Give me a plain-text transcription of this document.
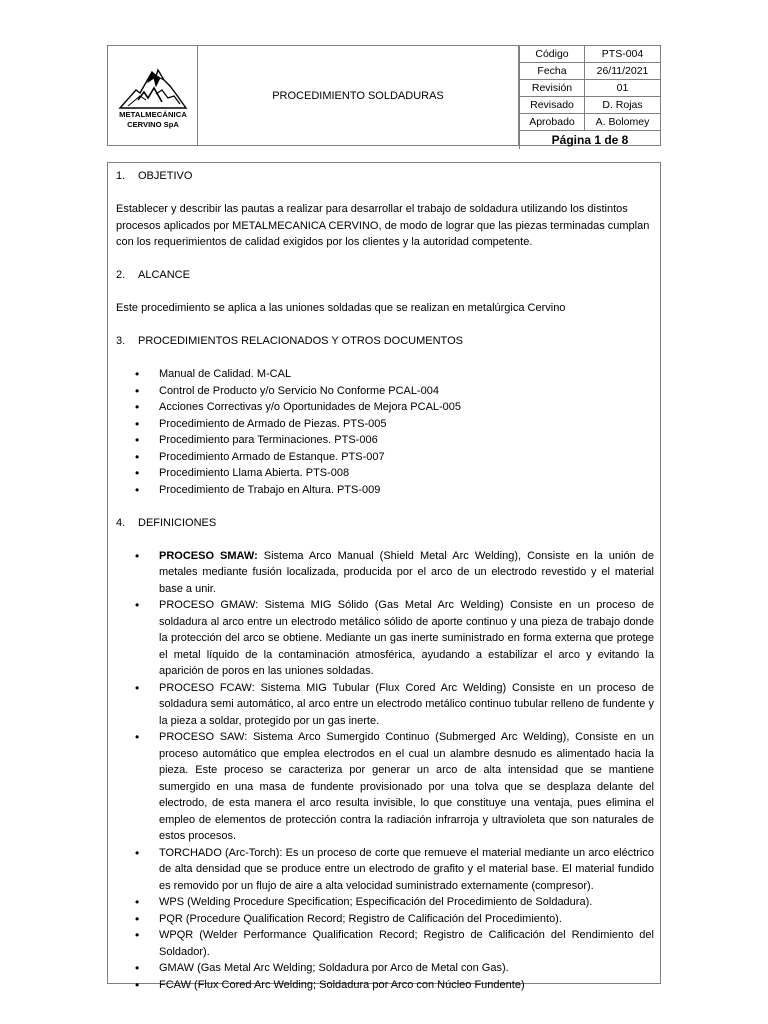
METALMECÁNICA
CERVINO SpA
PROCEDIMIENTO SOLDADURAS
Código	PTS-004
Fecha	26/11/2021
Revisión	01
Revisado	D. Rojas
Aprobado	A. Bolomey
Página 1 de 8	
1.	OBJETIVO

Establecer y describir las pautas a realizar para desarrollar el trabajo de soldadura utilizando los distintos procesos aplicados por METALMECANICA CERVINO, de modo de lograr que las piezas terminadas cumplan con los requerimientos de calidad exigidos por los clientes y la autoridad competente.

2.	ALCANCE

Este procedimiento se aplica a las uniones soldadas que se realizan en metalúrgica Cervino

3.	PROCEDIMIENTOS RELACIONADOS Y OTROS DOCUMENTOS
• Manual de Calidad. M-CAL
• Control de Producto y/o Servicio No Conforme PCAL-004
• Acciones Correctivas y/o Oportunidades de Mejora PCAL-005
• Procedimiento de Armado de Piezas. PTS-005
• Procedimiento para Terminaciones. PTS-006
• Procedimiento Armado de Estanque. PTS-007
• Procedimiento Llama Abierta. PTS-008
• Procedimiento de Trabajo en Altura. PTS-009
4.	DEFINICIONES
• PROCESO SMAW: Sistema Arco Manual (Shield Metal Arc Welding), Consiste en la unión de metales mediante fusión localizada, producida por el arco de un electrodo revestido y el material base a unir.
• PROCESO GMAW: Sistema MIG Sólido (Gas Metal Arc Welding) Consiste en un proceso de soldadura al arco entre un electrodo metálico sólido de aporte continuo y una pieza de trabajo donde la protección del arco se obtiene. Mediante un gas inerte suministrado en forma externa que protege el metal líquido de la contaminación atmosférica, ayudando a estabilizar el arco y evitando la aparición de poros en las uniones soldadas.
• PROCESO FCAW: Sistema MIG Tubular (Flux Cored Arc Welding) Consiste en un proceso de soldadura semi automático, al arco entre un electrodo metálico continuo tubular relleno de fundente y la pieza a soldar, protegido por un gas inerte.
• PROCESO SAW: Sistema Arco Sumergido Continuo (Submerged Arc Welding), Consiste en un proceso automático que emplea electrodos en el cual un alambre desnudo es alimentado hacia la pieza. Este proceso se caracteriza por generar un arco de alta intensidad que se mantiene sumergido en una masa de fundente provisionado por una tolva que se desplaza delante del electrodo, de esta manera el arco resulta invisible, lo que constituye una ventaja, pues elimina el empleo de elementos de protección contra la radiación infrarroja y ultravioleta que son naturales de estos procesos.
• TORCHADO (Arc-Torch): Es un proceso de corte que remueve el material mediante un arco eléctrico de alta densidad que se produce entre un electrodo de grafito y el material base. El material fundido es removido por un flujo de aire a alta velocidad suministrado externamente (compresor).
• WPS (Welding Procedure Specification; Especificación del Procedimiento de Soldadura).
• PQR (Procedure Qualification Record; Registro de Calificación del Procedimiento).
• WPQR (Welder Performance Qualification Record; Registro de Calificación del Rendimiento del Soldador).
• GMAW (Gas Metal Arc Welding; Soldadura por Arco de Metal con Gas).
• FCAW (Flux Cored Arc Welding; Soldadura por Arco con Núcleo Fundente)
